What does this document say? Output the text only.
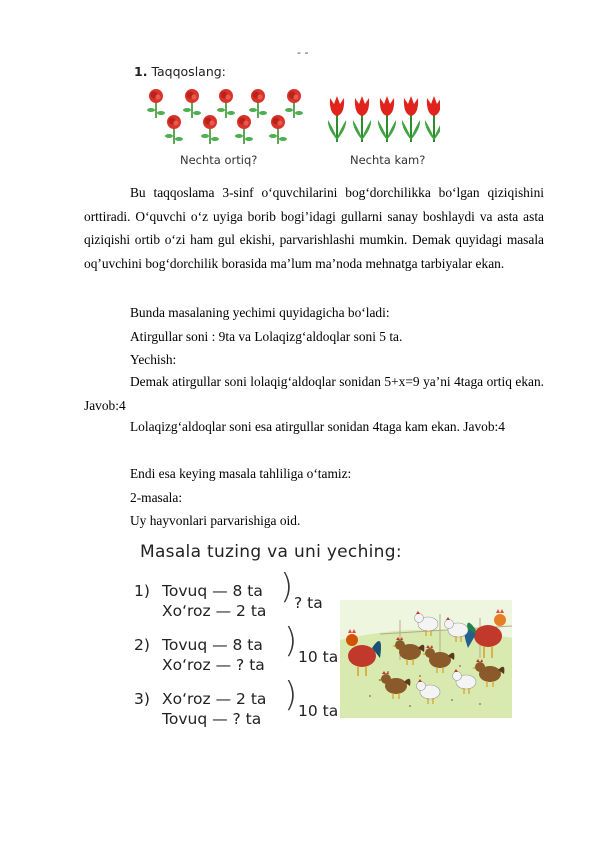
- -
1. Taqqoslang:
Nechta ortiq?	Nechta kam?
Bu taqqoslama 3-sinf o‘quvchilarini bog‘dorchilikka bo‘lgan qiziqishini orttiradi. O‘quvchi o‘z uyiga borib bogi’idagi gullarni sanay boshlaydi va asta asta qiziqishi ortib o‘zi ham gul ekishi, parvarishlashi mumkin. Demak quyidagi masala oq’uvchini bog‘dorchilik borasida ma’lum ma’noda mehnatga tarbiyalar ekan.
Bunda masalaning yechimi quyidagicha bo‘ladi:
Atirgullar soni : 9ta va Lolaqizg‘aldoqlar soni 5 ta.
Yechish:
Demak atirgullar soni lolaqig‘aldoqlar sonidan 5+x=9 ya’ni 4taga ortiq ekan. Javob:4
Lolaqizg‘aldoqlar soni esa atirgullar sonidan 4taga kam ekan. Javob:4
Endi esa keying masala tahliliga o‘tamiz:
2-masala:
Uy hayvonlari parvarishiga oid.
Masala tuzing va uni yeching:
1) Tovuq — 8 ta
Xo‘roz — 2 ta
) ? ta
2) Tovuq — 8 ta
Xo‘roz — ? ta
) 10 ta
3) Xo‘roz — 2 ta
Tovuq — ? ta
) 10 ta
